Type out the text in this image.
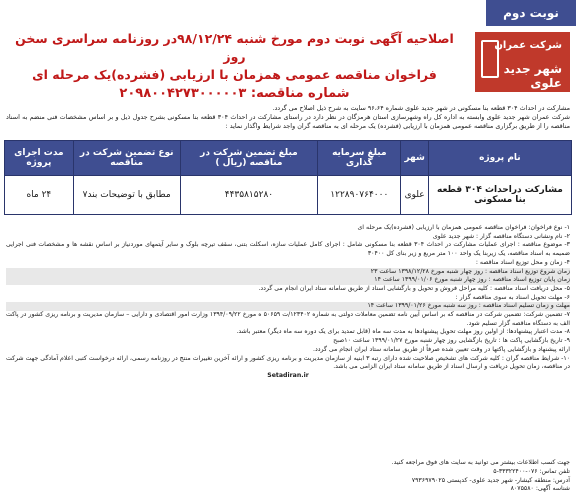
نوبت دوم
شرکت عمران
شهر جدید علوی
اصلاحیه آگهی نوبت دوم مورخ شنبه ۹۸/۱۲/۲۴در روزنامه سراسری سخن روز
فراخوان مناقصه عمومی همزمان با ارزیابی (فشرده)یک مرحله ای
شماره مناقصه: ۲۰۹۸۰۰۴۲۷۳۰۰۰۰۰۳
مشارکت در احداث ۳۰۴ قطعه بنا مسکونی در شهر جدید علوی شماره ۹۶،۶۴ سایت به شرح ذیل اصلاح می گردد.
شرکت عمران شهر جدید علوی وابسته به اداره کل راه وشهرسازی استان هرمزگان در نظر دارد در راستای مشارکت در احداث ۳۰۴ قطعه بنا مسکونی بشرح جدول ذیل و بر اساس مشخصات فنی منضم به اسناد مناقصه را از طریق برگزاری مناقصه عمومی همزمان با ارزیابی (فشرده) یک مرحله ای به مناقصه گران واجد شرایط واگذار نماید :
نام پروژه	شهر	مبلغ سرمایه گذاری	مبلغ تضمین شرکت در مناقصه (ریال )	نوع تضمین شرکت در مناقصه	مدت اجرای پروژه
مشارکت دراحداث ۳۰۴ قطعه بنا مسکونی	علوی	۱۲۲۸۹۰۷۶۴۰۰۰	۴۴۳۵۸۱۵۲۸۰	مطابق با توضیحات بند۷	۲۴ ماه

۱- نوع فراخوان: فراخوان مناقصه عمومی همزمان با ارزیابی (فشرده)یک مرحله ای

۲- نام ونشانی دستگاه مناقصه گزار : شهر جدید علوی

۳- موضوع مناقصه : اجرای عملیات مشارکت در احداث ۳۰۴ قطعه بنا مسکونی شامل : اجرای کامل عملیات سازه، اسکلت بتنی، سقف تیرچه بلوک و سایر آیتمهای موردنیاز بر اساس نقشه ها و مشخصات فنی اجرایی ضمیمه به اسناد مناقصه، یک زیربنا یک واحد ۱۰۰ متر مربع و زیر بنای کل ۳۰۴۰۰

۴- زمان و محل توزیع اسناد مناقصه :

زمان شروع توزیع اسناد مناقصه : روز چهار شنبه مورخ ۱۳۹۸/۱۲/۲۸ ساعت ۲۳

زمان پایان توزیع اسناد مناقصه : روز چهار شنبه مورخ ۱۳۹۹/۰۱/۰۶ ساعت ۱۴

۵- محل دریافت اسناد مناقصه : کلیه مراحل فروش و تحویل و بارگشایی اسناد از طریق سامانه ستاد ایران انجام می گردد.

۶- مهلت تحویل اسناد به سوی مناقصه گزار :

مهلت و زمان تسلیم اسناد مناقصه : روز سه شنبه مورخ ۱۳۹۹/۰۱/۲۶ ساعت ۱۴

۷- تضمین شرکت: تضمین شرکت در مناقصه که بر اساس آیین نامه تضمین معاملات دولتی به شماره ۱۲۳۴۰۲/ت ۵۰۶۵۹ ه مورخ ۱۳۹۴/۰۹/۲۲ وزارت امور اقتصادی و دارایی – سازمان مدیریت و برنامه ریزی کشور در پاکت الف به دستگاه مناقصه گزار تسلیم شود.

۸- مدت اعتبار پیشنهادها: از اولین روز مهلت تحویل پیشنهادها به مدت سه ماه (قابل تمدید برای یک دوره سه ماه دیگر) معتبر باشد.

۹- تاریخ بازگشایی پاکت ها : تاریخ بازگشایی روز چهار شنبه مورخ ۱۳۹۹/۰۱/۲۷ ساعت ۱۰صبح

ارائه پیشنهاد و بازگشایی پاکتها در وقت تعیین شده صرفاً از طریق سامانه ستاد ایران انجام می گردد.

۱۰- شرایط مناقصه گران : کلیه شرکت های تشخیص صلاحیت شده دارای رتبه ۳ ابنیه از سازمان مدیریت و برنامه ریزی کشور و ارائه آخرین تغییرات منتج در روزنامه رسمی، ارائه درخواست کتبی اعلام آمادگی جهت شرکت در مناقصه، زمان تحویل دریافت و ارسال اسناد از طریق سامانه ستاد ایران الزامی می باشد.

Setadiran.ir

جهت کسب اطلاعات بیشتر می توانید به سایت های فوق مراجعه کنید.

تلفن تماس: ۰۷۶-۳۳۳۲۲۴۰۰-۵

آدرس: منطقه کیشار- شهر جدید علوی- کدپستی ۷۹۳۶۹۷۹۰۲۵

شناسه آگهی: ۸۰۷۵۵۸۰
